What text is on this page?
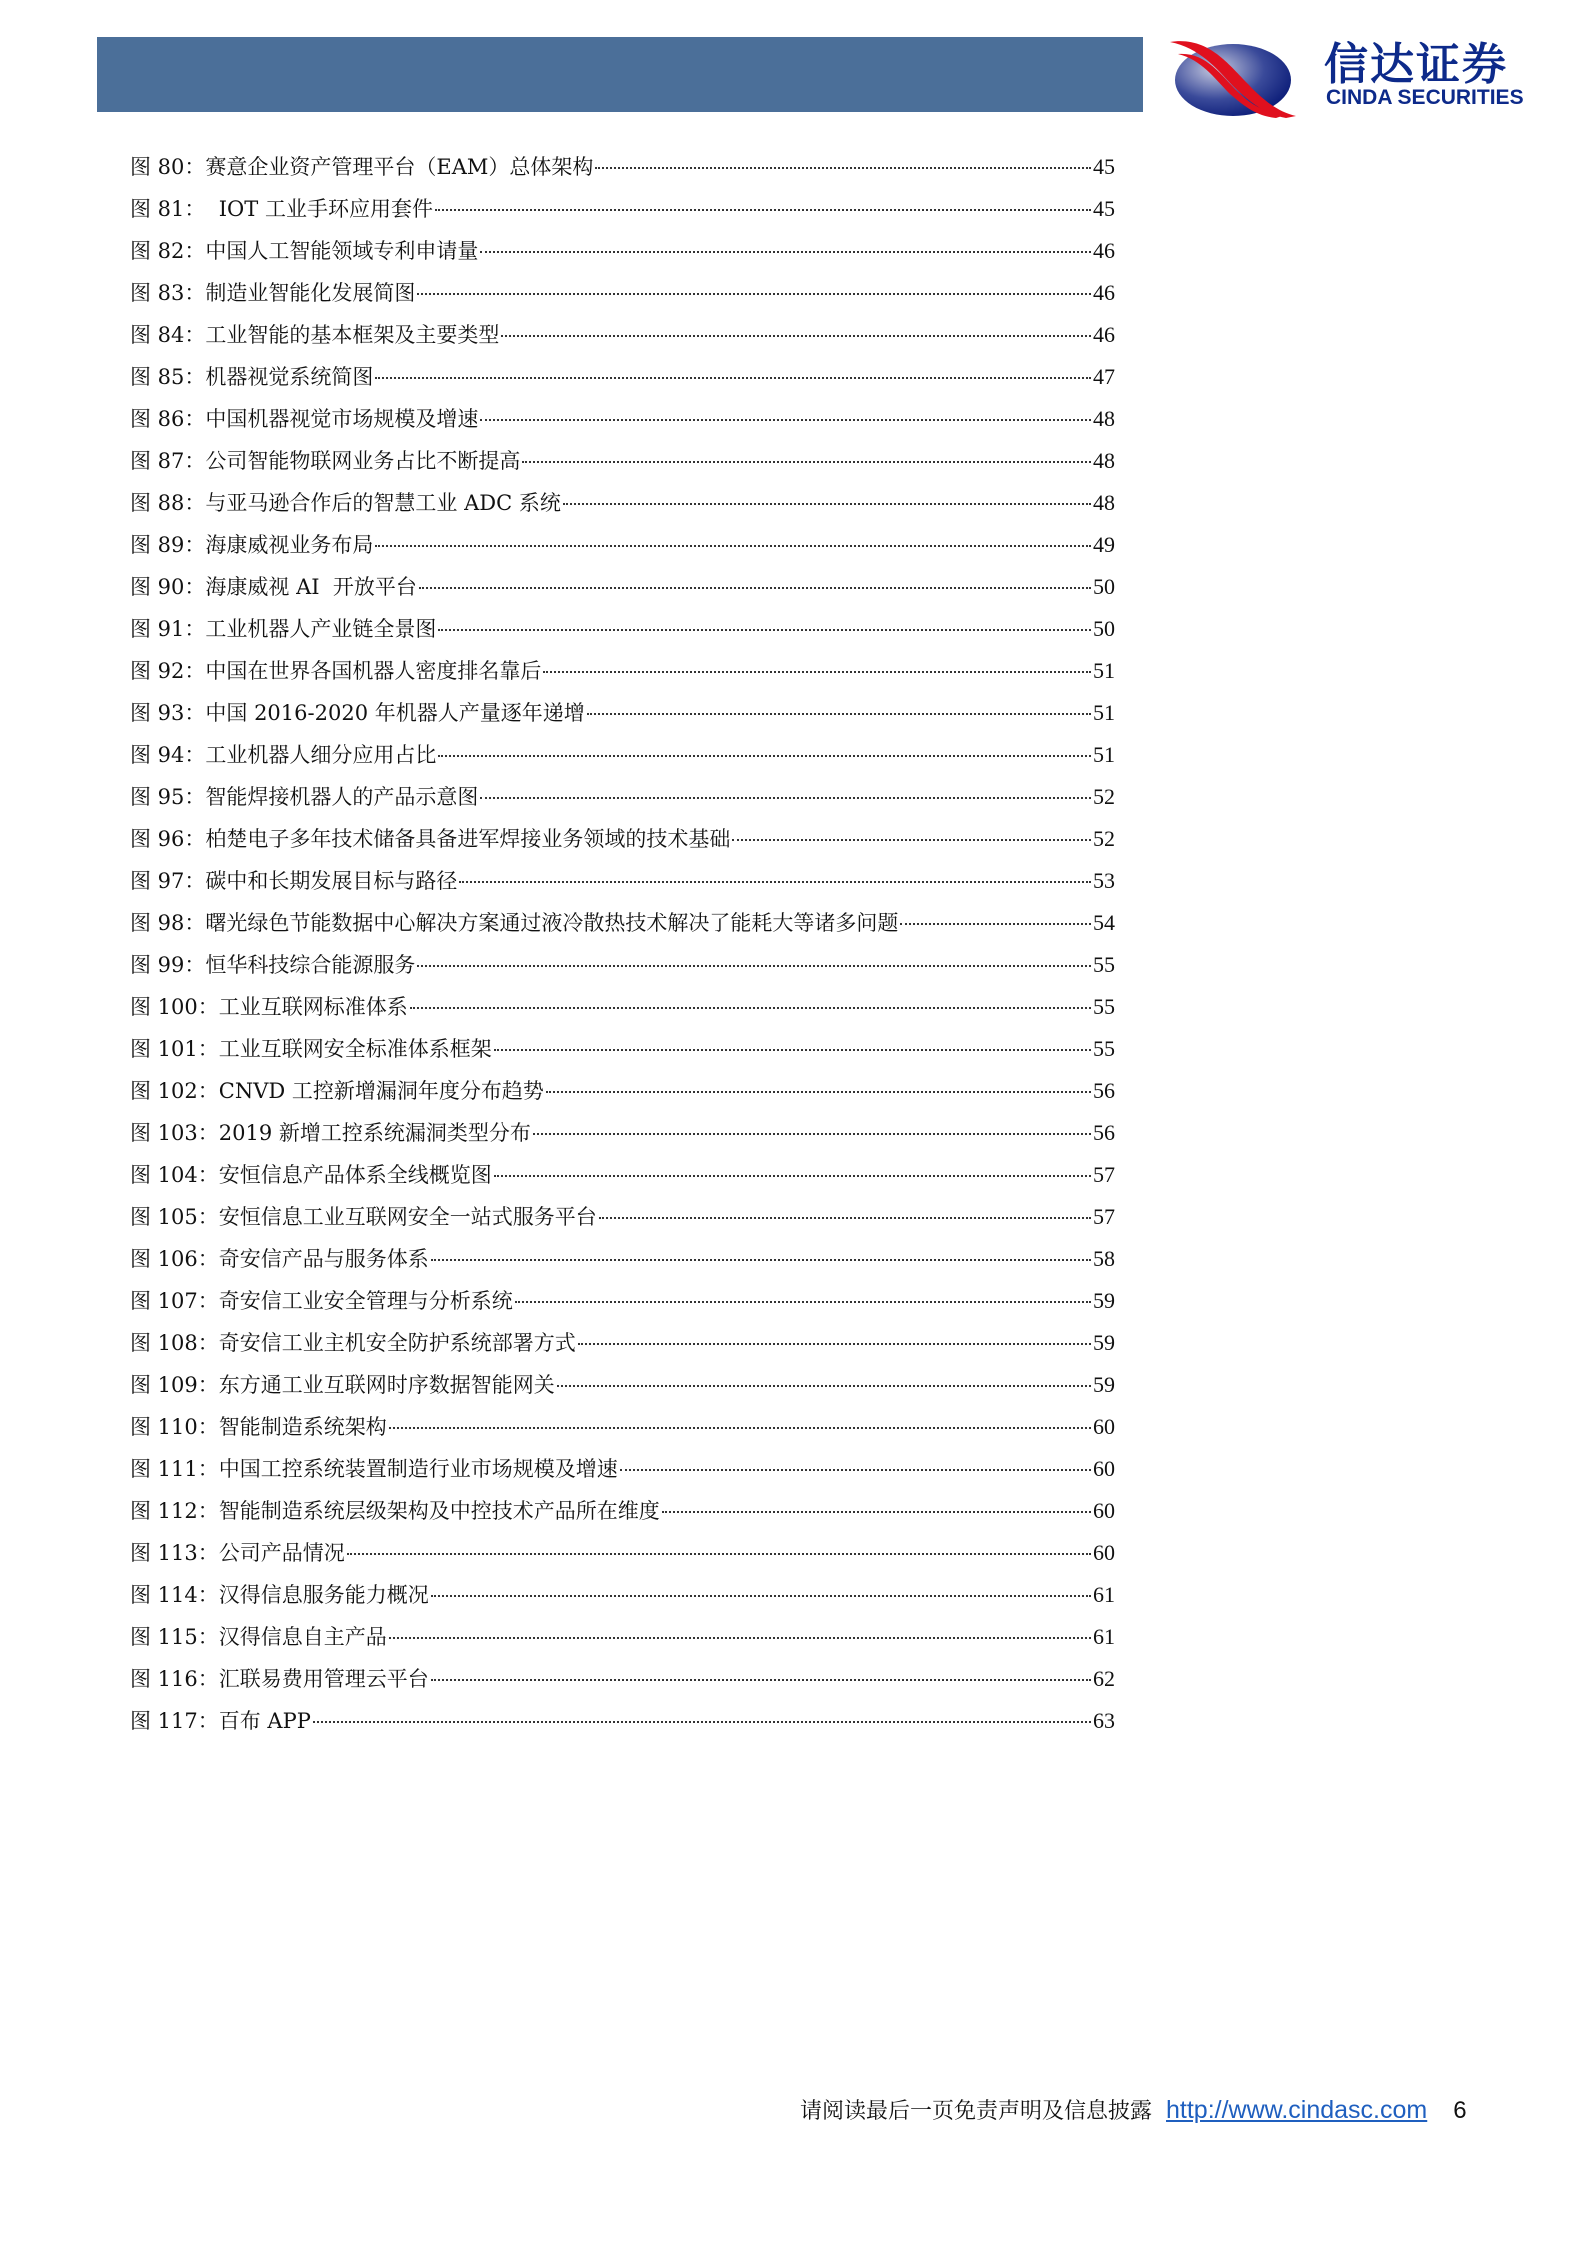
信达证券
CINDA SECURITIES
图 80：赛意企业资产管理平台（EAM）总体架构	45
图 81：  IOT 工业手环应用套件	45
图 82：中国人工智能领域专利申请量	46
图 83：制造业智能化发展简图	46
图 84：工业智能的基本框架及主要类型	46
图 85：机器视觉系统简图	47
图 86：中国机器视觉市场规模及增速	48
图 87：公司智能物联网业务占比不断提高	48
图 88：与亚马逊合作后的智慧工业 ADC 系统	48
图 89：海康威视业务布局	49
图 90：海康威视 AI  开放平台	50
图 91：工业机器人产业链全景图	50
图 92：中国在世界各国机器人密度排名靠后	51
图 93：中国 2016-2020 年机器人产量逐年递增	51
图 94：工业机器人细分应用占比	51
图 95：智能焊接机器人的产品示意图	52
图 96：柏楚电子多年技术储备具备进军焊接业务领域的技术基础	52
图 97：碳中和长期发展目标与路径	53
图 98：曙光绿色节能数据中心解决方案通过液冷散热技术解决了能耗大等诸多问题	54
图 99：恒华科技综合能源服务	55
图 100：工业互联网标准体系	55
图 101：工业互联网安全标准体系框架	55
图 102：CNVD 工控新增漏洞年度分布趋势	56
图 103：2019 新增工控系统漏洞类型分布	56
图 104：安恒信息产品体系全线概览图	57
图 105：安恒信息工业互联网安全一站式服务平台	57
图 106：奇安信产品与服务体系	58
图 107：奇安信工业安全管理与分析系统	59
图 108：奇安信工业主机安全防护系统部署方式	59
图 109：东方通工业互联网时序数据智能网关	59
图 110：智能制造系统架构	60
图 111：中国工控系统装置制造行业市场规模及增速	60
图 112：智能制造系统层级架构及中控技术产品所在维度	60
图 113：公司产品情况	60
图 114：汉得信息服务能力概况	61
图 115：汉得信息自主产品	61
图 116：汇联易费用管理云平台	62
图 117：百布 APP	63
请阅读最后一页免责声明及信息披露 http://www.cindasc.com 6
